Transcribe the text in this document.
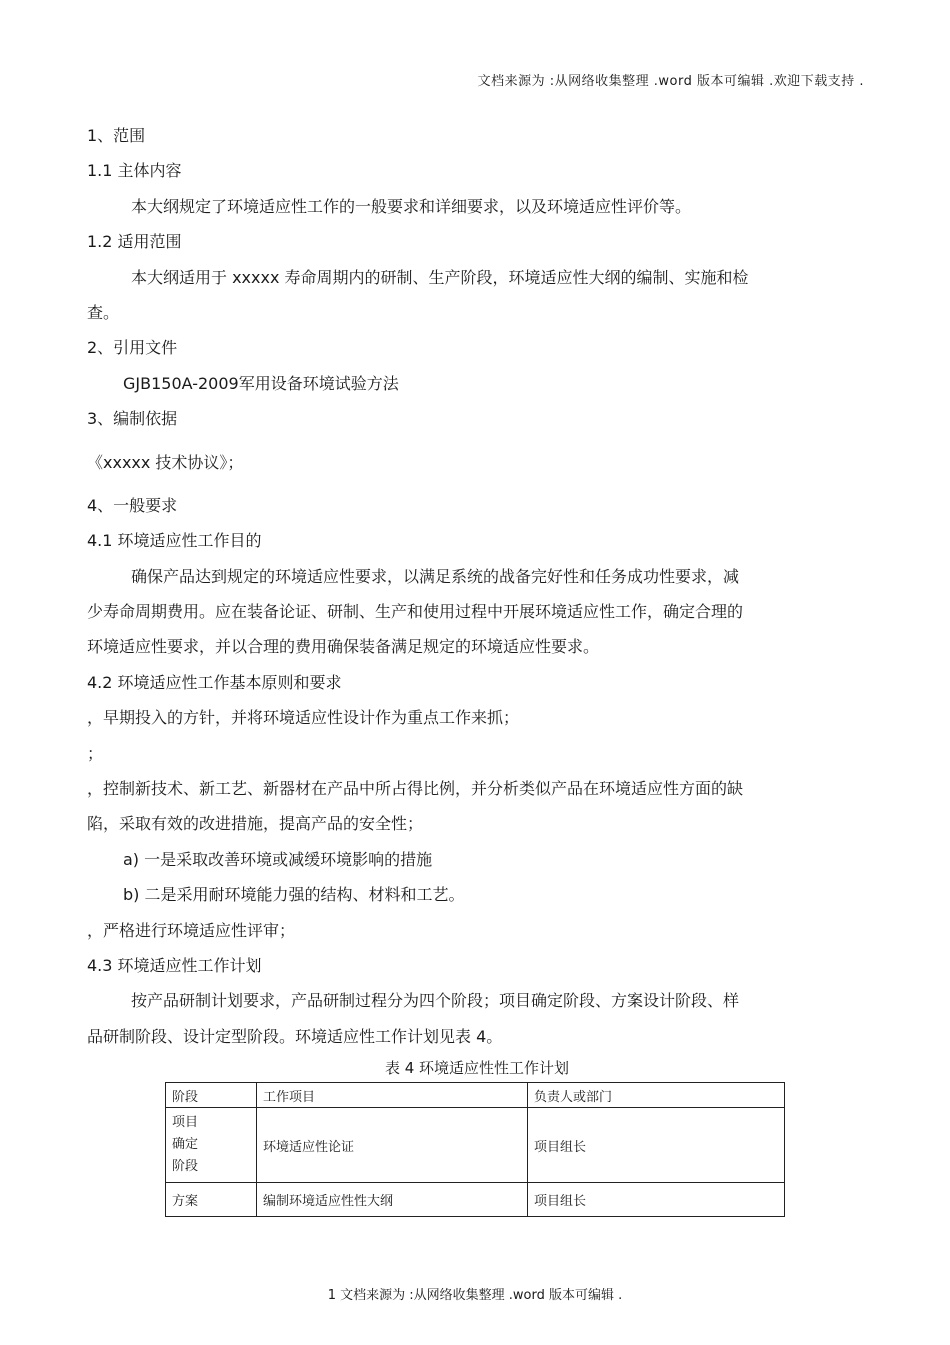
文档来源为 :从网络收集整理 .word 版本可编辑 .欢迎下载支持 .
1、范围
1.1 主体内容
本大纲规定了环境适应性工作的一般要求和详细要求，以及环境适应性评价等。
1.2 适用范围
本大纲适用于 xxxxx 寿命周期内的研制、生产阶段，环境适应性大纲的编制、实施和检
查。
2、引用文件
GJB150A-2009军用设备环境试验方法
3、编制依据
《xxxxx 技术协议》；
4、一般要求
4.1 环境适应性工作目的
确保产品达到规定的环境适应性要求，以满足系统的战备完好性和任务成功性要求，减
少寿命周期费用。应在装备论证、研制、生产和使用过程中开展环境适应性工作，确定合理的
环境适应性要求，并以合理的费用确保装备满足规定的环境适应性要求。
4.2 环境适应性工作基本原则和要求
，早期投入的方针，并将环境适应性设计作为重点工作来抓；
；
，控制新技术、新工艺、新器材在产品中所占得比例，并分析类似产品在环境适应性方面的缺
陷，采取有效的改进措施，提高产品的安全性；
a) 一是采取改善环境或减缓环境影响的措施
b) 二是采用耐环境能力强的结构、材料和工艺。
，严格进行环境适应性评审；
4.3 环境适应性工作计划
按产品研制计划要求，产品研制过程分为四个阶段；项目确定阶段、方案设计阶段、样
品研制阶段、设计定型阶段。环境适应性工作计划见表 4。
表 4 环境适应性性工作计划
阶段	工作项目	负责人或部门

项目
确定
阶段	环境适应性论证	项目组长
方案	编制环境适应性性大纲	项目组长
1 文档来源为 :从网络收集整理 .word 版本可编辑 .
